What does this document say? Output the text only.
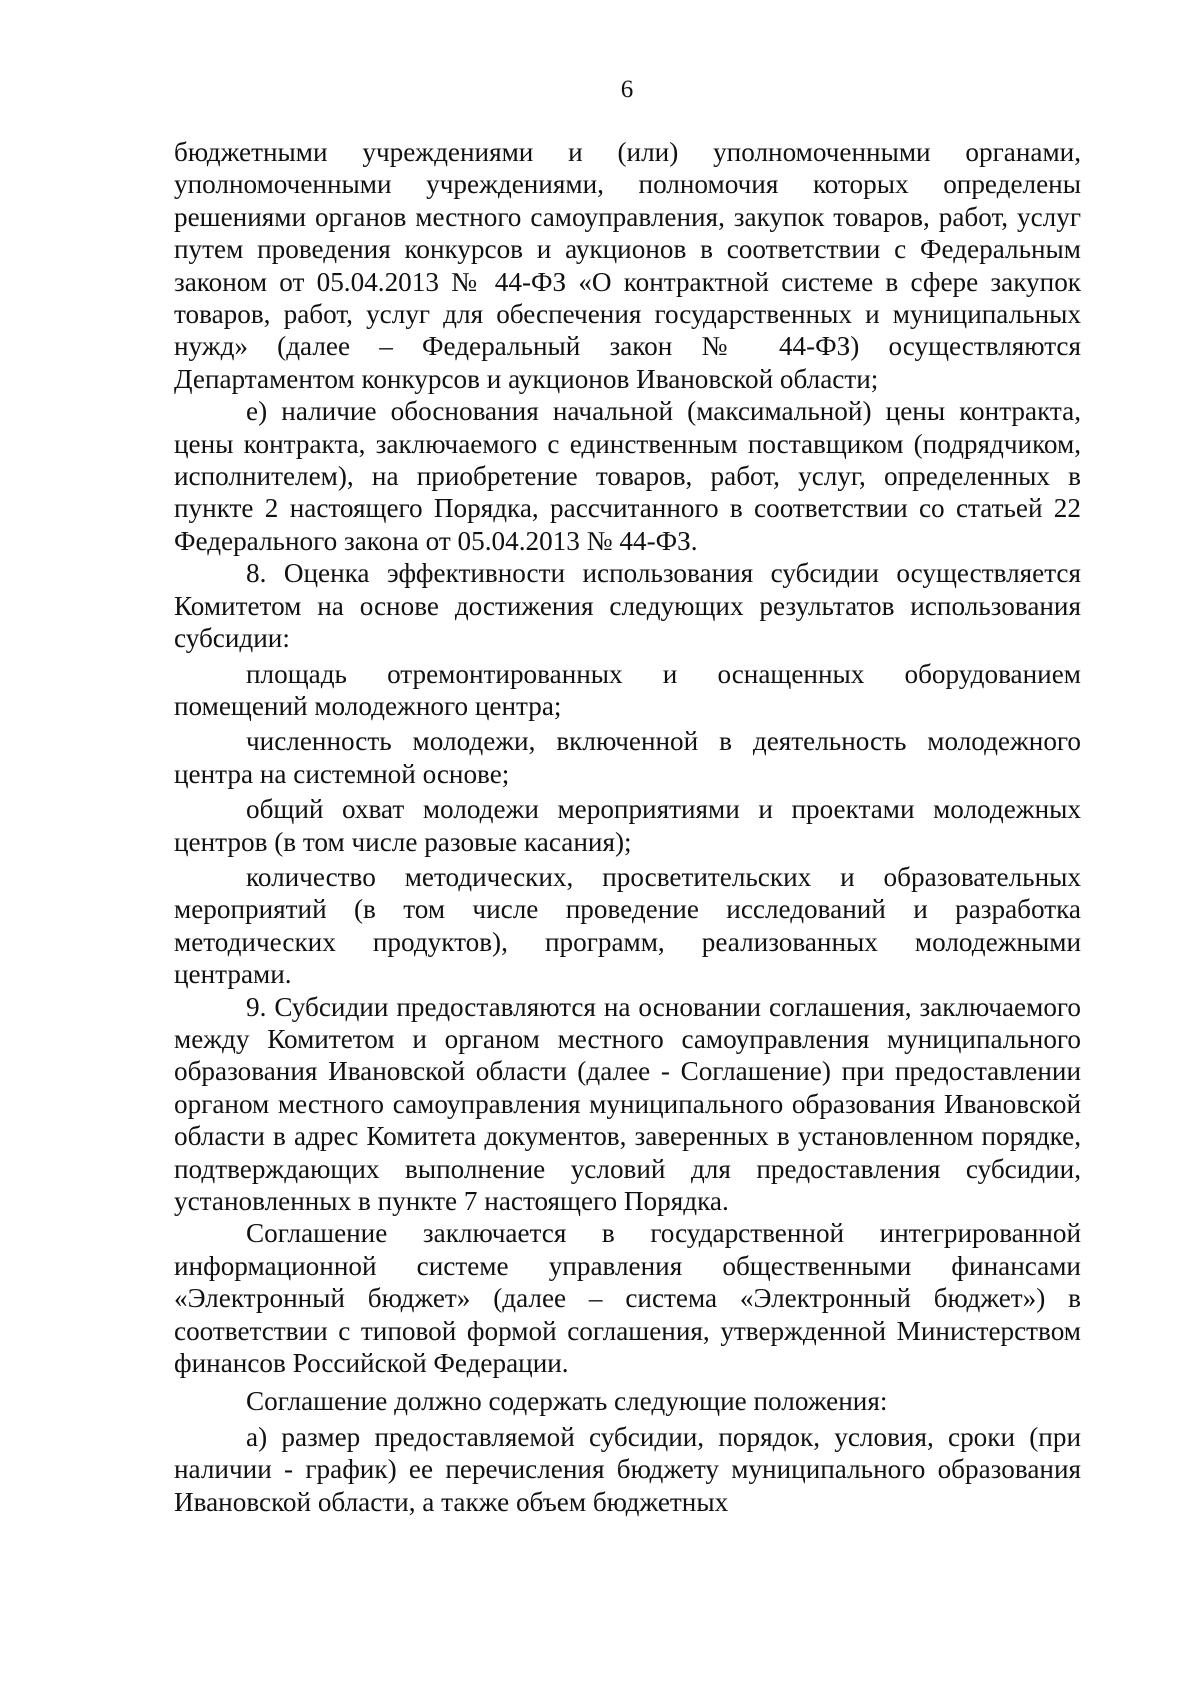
6

бюджетными учреждениями и (или) уполномоченными органами, уполномоченными учреждениями, полномочия которых определены решениями органов местного самоуправления, закупок товаров, работ, услуг путем проведения конкурсов и аукционов в соответствии с Федеральным законом от 05.04.2013 № 44-ФЗ «О контрактной системе в сфере закупок товаров, работ, услуг для обеспечения государственных и муниципальных нужд» (далее – Федеральный закон № 44-ФЗ) осуществляются Департаментом конкурсов и аукционов Ивановской области;

е) наличие обоснования начальной (максимальной) цены контракта, цены контракта, заключаемого с единственным поставщиком (подрядчиком, исполнителем), на приобретение товаров, работ, услуг, определенных в пункте 2 настоящего Порядка, рассчитанного в соответствии со статьей 22 Федерального закона от 05.04.2013 № 44-ФЗ.

8. Оценка эффективности использования субсидии осуществляется Комитетом на основе достижения следующих результатов использования субсидии:

площадь отремонтированных и оснащенных оборудованием помещений молодежного центра;

численность молодежи, включенной в деятельность молодежного центра на системной основе;

общий охват молодежи мероприятиями и проектами молодежных центров (в том числе разовые касания);

количество методических, просветительских и образовательных мероприятий (в том числе проведение исследований и разработка методических продуктов), программ, реализованных молодежными центрами.

9. Субсидии предоставляются на основании соглашения, заключаемого между Комитетом и органом местного самоуправления муниципального образования Ивановской области (далее - Соглашение) при предоставлении органом местного самоуправления муниципального образования Ивановской области в адрес Комитета документов, заверенных в установленном порядке, подтверждающих выполнение условий для предоставления субсидии, установленных в пункте 7 настоящего Порядка.

Соглашение заключается в государственной интегрированной информационной системе управления общественными финансами «Электронный бюджет» (далее – система «Электронный бюджет») в соответствии с типовой формой соглашения, утвержденной Министерством финансов Российской Федерации.

Соглашение должно содержать следующие положения:

а) размер предоставляемой субсидии, порядок, условия, сроки (при наличии - график) ее перечисления бюджету муниципального образования Ивановской области, а также объем бюджетных
